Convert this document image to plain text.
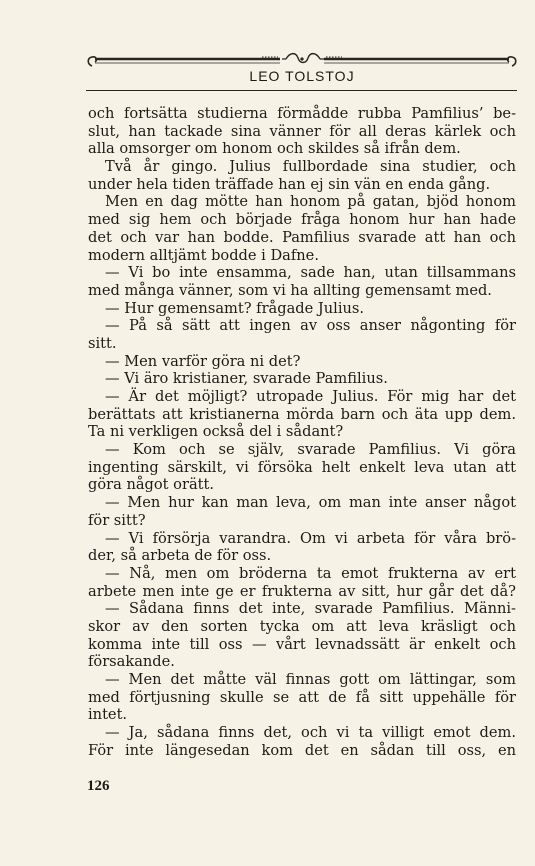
LEO TOLSTOJ
och fortsätta studierna förmådde rubba Pamfilius’ be-
slut, han tackade sina vänner för all deras kärlek och
alla omsorger om honom och skildes så ifrån dem.
Två år gingo. Julius fullbordade sina studier, och
under hela tiden träffade han ej sin vän en enda gång.
Men en dag mötte han honom på gatan, bjöd honom
med sig hem och började fråga honom hur han hade
det och var han bodde. Pamfilius svarade att han och
modern alltjämt bodde i Dafne.
— Vi bo inte ensamma, sade han, utan tillsammans
med många vänner, som vi ha allting gemensamt med.
— Hur gemensamt? frågade Julius.
— På så sätt att ingen av oss anser någonting för
sitt.
— Men varför göra ni det?
— Vi äro kristianer, svarade Pamfilius.
— Är det möjligt? utropade Julius. För mig har det
berättats att kristianerna mörda barn och äta upp dem.
Ta ni verkligen också del i sådant?
— Kom och se själv, svarade Pamfilius. Vi göra
ingenting särskilt, vi försöka helt enkelt leva utan att
göra något orätt.
— Men hur kan man leva, om man inte anser något
för sitt?
— Vi försörja varandra. Om vi arbeta för våra brö-
der, så arbeta de för oss.
— Nå, men om bröderna ta emot frukterna av ert
arbete men inte ge er frukterna av sitt, hur går det då?
— Sådana finns det inte, svarade Pamfilius. Männi-
skor av den sorten tycka om att leva kräsligt och
komma inte till oss — vårt levnadssätt är enkelt och
försakande.
— Men det måtte väl finnas gott om lättingar, som
med förtjusning skulle se att de få sitt uppehälle för
intet.
— Ja, sådana finns det, och vi ta villigt emot dem.
För inte längesedan kom det en sådan till oss, en
126
